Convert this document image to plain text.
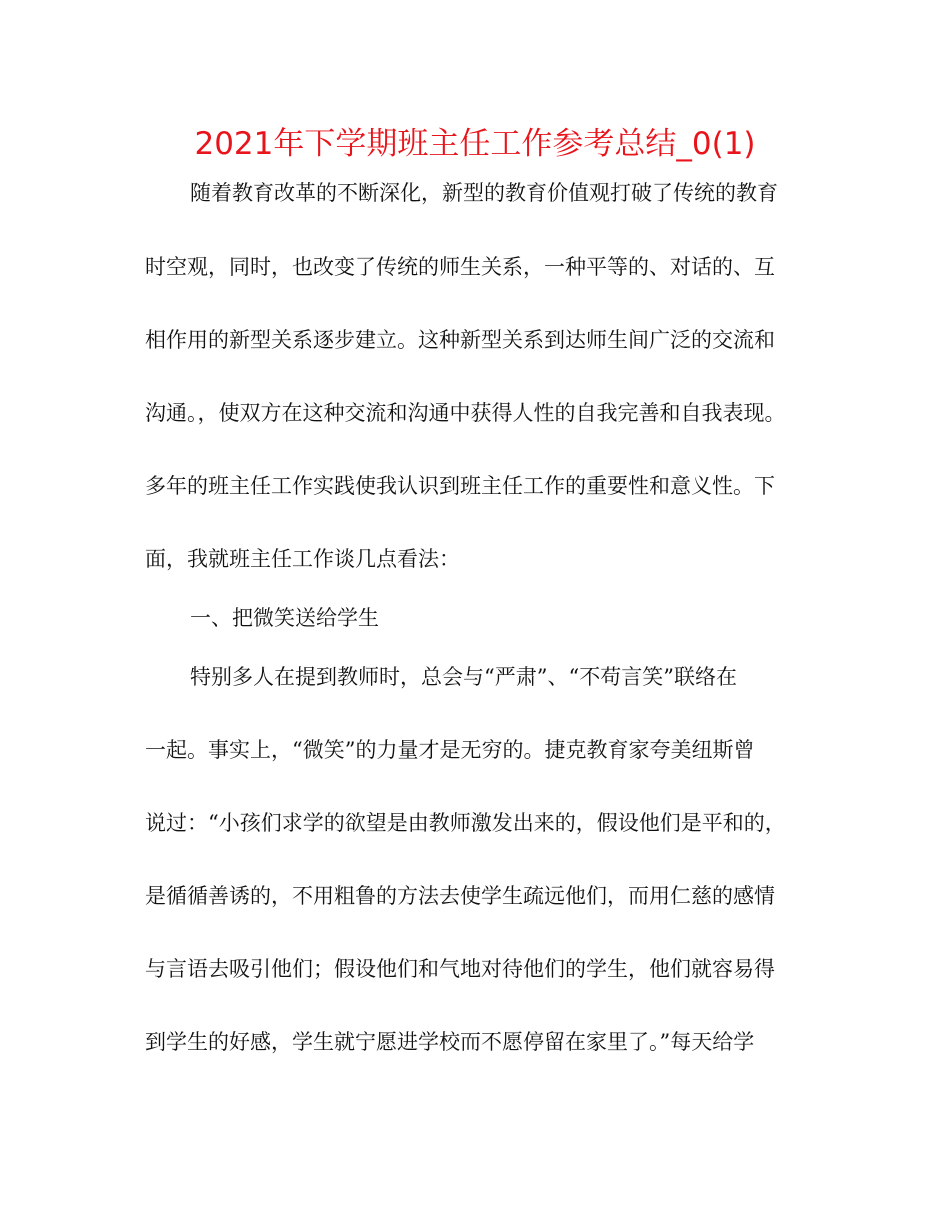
2021年下学期班主任工作参考总结_0(1)

随着教育改革的不断深化，新型的教育价值观打破了传统的教育

时空观，同时，也改变了传统的师生关系，一种平等的、对话的、互

相作用的新型关系逐步建立。这种新型关系到达师生间广泛的交流和

沟通。，使双方在这种交流和沟通中获得人性的自我完善和自我表现。

多年的班主任工作实践使我认识到班主任工作的重要性和意义性。下

面，我就班主任工作谈几点看法：

一、把微笑送给学生

特别多人在提到教师时，总会与“严肃”、“不苟言笑”联络在

一起。事实上，“微笑”的力量才是无穷的。捷克教育家夸美纽斯曾

说过：“小孩们求学的欲望是由教师激发出来的，假设他们是平和的，

是循循善诱的，不用粗鲁的方法去使学生疏远他们，而用仁慈的感情

与言语去吸引他们；假设他们和气地对待他们的学生，他们就容易得

到学生的好感，学生就宁愿进学校而不愿停留在家里了。”每天给学
